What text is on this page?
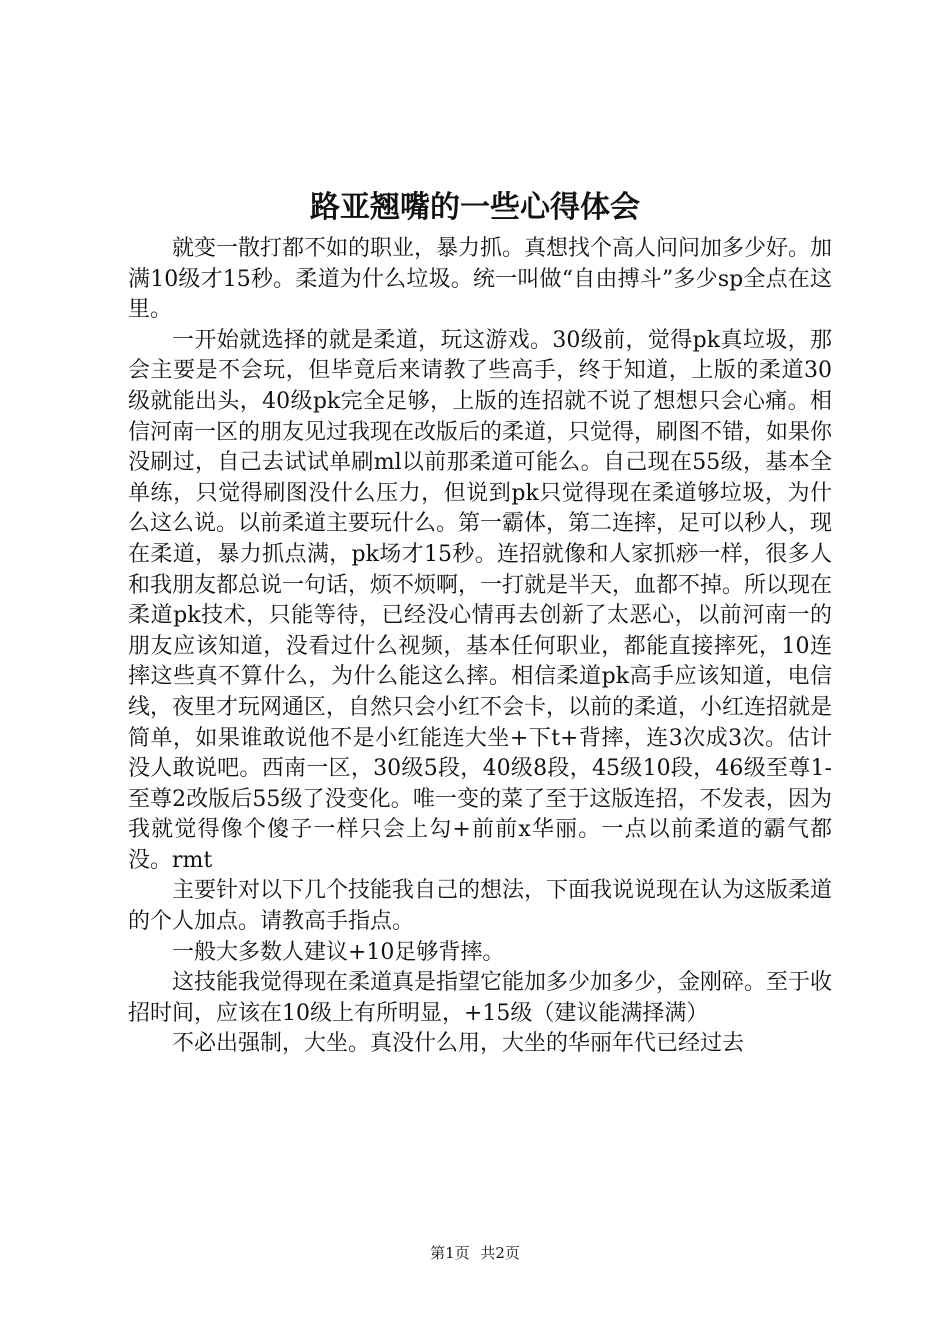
路亚翘嘴的一些心得体会

就变一散打都不如的职业，暴力抓。真想找个高人问问加多少好。加满10级才15秒。柔道为什么垃圾。统一叫做“自由搏斗”多少sp全点在这里。

一开始就选择的就是柔道，玩这游戏。30级前，觉得pk真垃圾，那会主要是不会玩，但毕竟后来请教了些高手，终于知道，上版的柔道30级就能出头，40级pk完全足够，上版的连招就不说了想想只会心痛。相信河南一区的朋友见过我现在改版后的柔道，只觉得，刷图不错，如果你没刷过，自己去试试单刷ml以前那柔道可能么。自己现在55级，基本全单练，只觉得刷图没什么压力，但说到pk只觉得现在柔道够垃圾，为什么这么说。以前柔道主要玩什么。第一霸体，第二连摔，足可以秒人，现在柔道，暴力抓点满，pk场才15秒。连招就像和人家抓痧一样，很多人和我朋友都总说一句话，烦不烦啊，一打就是半天，血都不掉。所以现在柔道pk技术，只能等待，已经没心情再去创新了太恶心，以前河南一的朋友应该知道，没看过什么视频，基本任何职业，都能直接摔死，10连摔这些真不算什么，为什么能这么摔。相信柔道pk高手应该知道，电信线，夜里才玩网通区，自然只会小红不会卡，以前的柔道，小红连招就是简单，如果谁敢说他不是小红能连大坐+下t+背摔，连3次成3次。估计没人敢说吧。西南一区，30级5段，40级8段，45级10段，46级至尊1-至尊2改版后55级了没变化。唯一变的菜了至于这版连招，不发表，因为我就觉得像个傻子一样只会上勾+前前x华丽。一点以前柔道的霸气都没。rmt

主要针对以下几个技能我自己的想法，下面我说说现在认为这版柔道的个人加点。请教高手指点。

一般大多数人建议+10足够背摔。

这技能我觉得现在柔道真是指望它能加多少加多少，金刚碎。至于收招时间，应该在10级上有所明显，+15级（建议能满择满）

不必出强制，大坐。真没什么用，大坐的华丽年代已经过去

第1页 共2页
